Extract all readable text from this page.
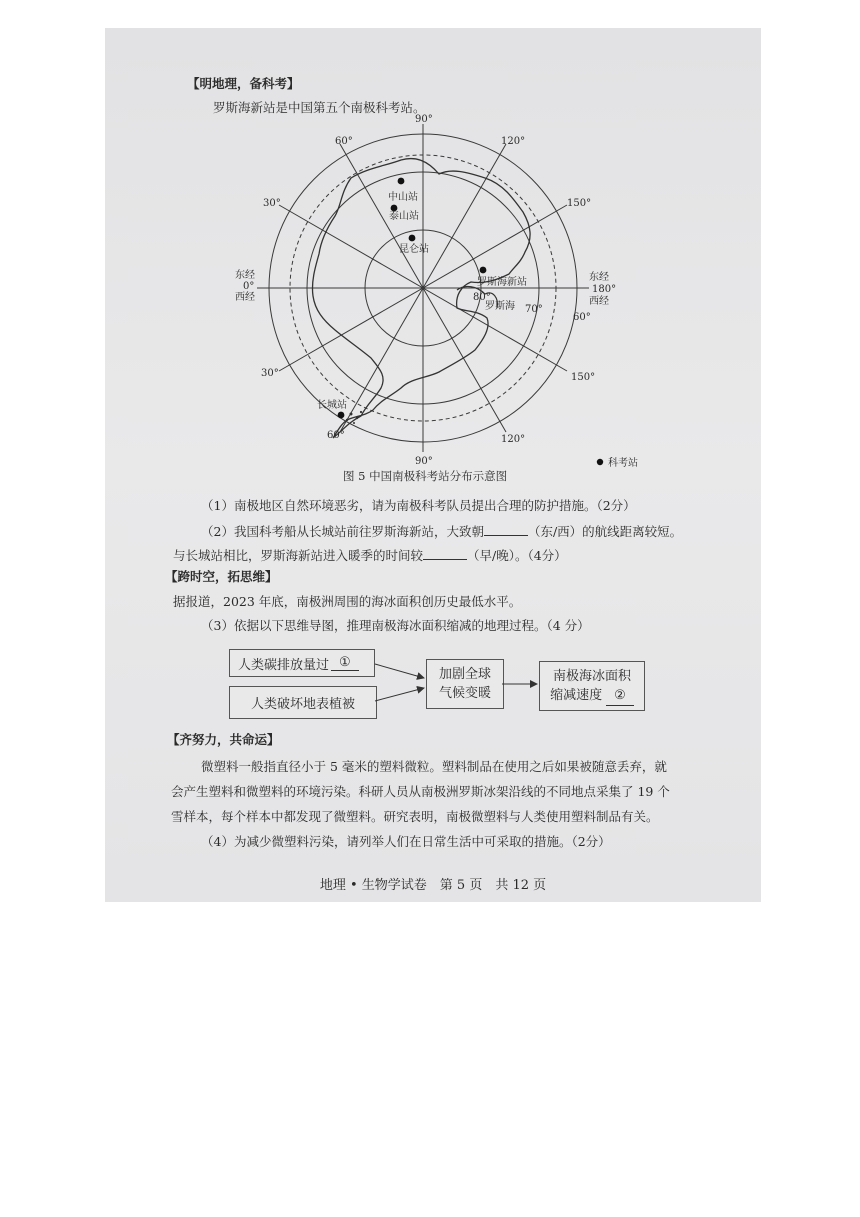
【明地理，备科考】
罗斯海新站是中国第五个南极科考站。
中山站
泰山站
昆仑站
罗斯海新站
罗斯海
长城站
90°
90°
120°
150°
60°
30°
30°
60°	120°
150°
东经
0°
西经
东经
180°
西经
80°
70°
60°
科考站
图 5 中国南极科考站分布示意图
（1）南极地区自然环境恶劣，请为南极科考队员提出合理的防护措施。（2分）
（2）我国科考船从长城站前往罗斯海新站，大致朝	（东/西）的航线距离较短。
与长城站相比，罗斯海新站进入暖季的时间较	（早/晚）。（4分）
【跨时空，拓思维】
据报道，2023 年底，南极洲周围的海冰面积创历史最低水平。
（3）依据以下思维导图，推理南极海冰面积缩减的地理过程。（4 分）
人类碳排放量过 ①
人类破坏地表植被
加剧全球
气候变暖
南极海冰面积
缩减速度 ②
【齐努力，共命运】
微塑料一般指直径小于 5 毫米的塑料微粒。塑料制品在使用之后如果被随意丢弃，就
会产生塑料和微塑料的环境污染。科研人员从南极洲罗斯冰架沿线的不同地点采集了 19 个
雪样本，每个样本中都发现了微塑料。研究表明，南极微塑料与人类使用塑料制品有关。
（4）为减少微塑料污染，请列举人们在日常生活中可采取的措施。（2分）
地理 • 生物学试卷　第 5 页　共 12 页
